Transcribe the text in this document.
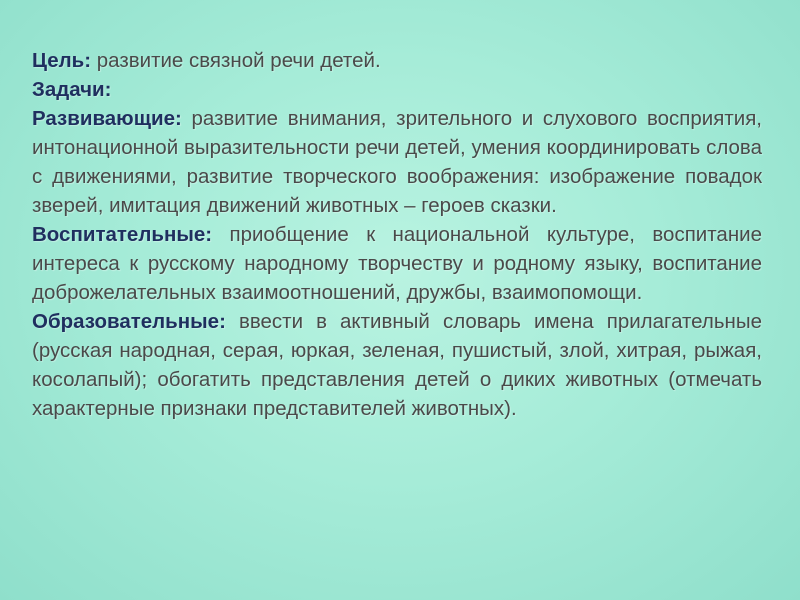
Цель: развитие связной речи детей.

Задачи:

Развивающие: развитие внимания, зрительного и слухового восприятия, интонационной выразительности речи детей, умения координировать слова с движениями, развитие творческого воображения: изображение повадок зверей, имитация движений животных – героев сказки.

Воспитательные: приобщение к национальной культуре, воспитание интереса к русскому народному творчеству и родному языку, воспитание доброжелательных взаимоотношений, дружбы, взаимопомощи.

Образовательные: ввести в активный словарь имена прилагательные (русская народная, серая, юркая, зеленая, пушистый, злой, хитрая, рыжая, косолапый); обогатить представления детей о диких животных (отмечать характерные признаки представителей животных).
